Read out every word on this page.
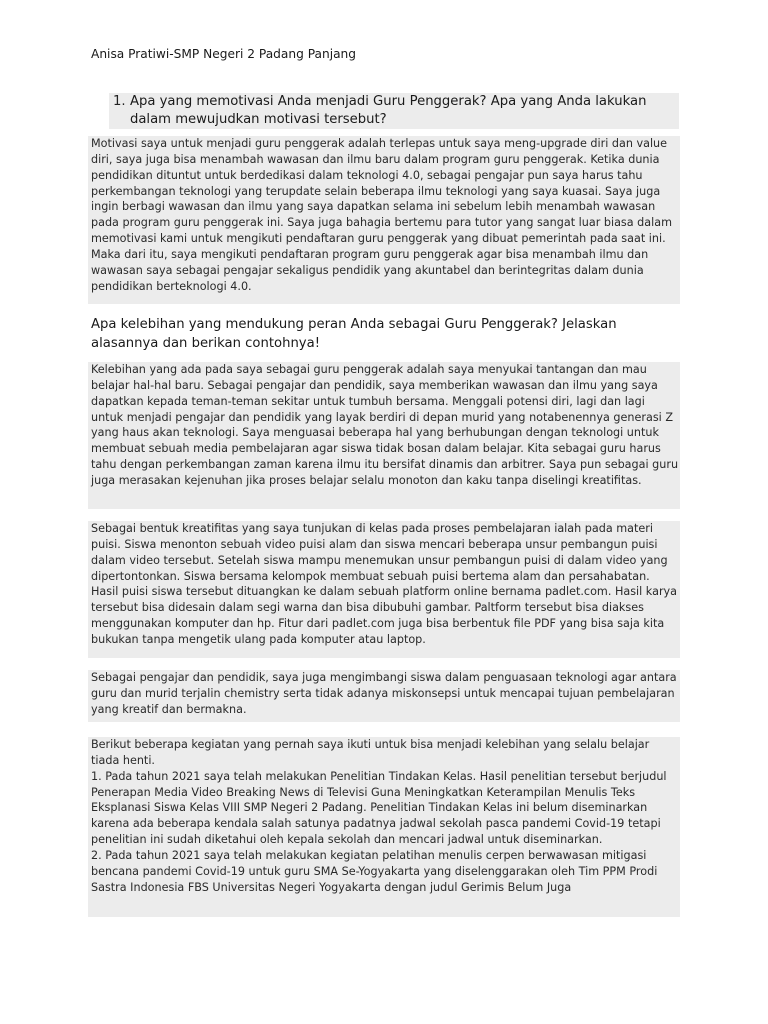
Anisa Pratiwi-SMP Negeri 2 Padang Panjang
1. Apa yang memotivasi Anda menjadi Guru Penggerak? Apa yang Anda lakukan dalam mewujudkan motivasi tersebut?

Motivasi saya untuk menjadi guru penggerak adalah terlepas untuk saya meng-upgrade diri dan value diri, saya juga bisa menambah wawasan dan ilmu baru dalam program guru penggerak. Ketika dunia pendidikan dituntut untuk berdedikasi dalam teknologi 4.0, sebagai pengajar pun saya harus tahu perkembangan teknologi yang terupdate selain beberapa ilmu teknologi yang saya kuasai. Saya juga ingin berbagi wawasan dan ilmu yang saya dapatkan selama ini sebelum lebih menambah wawasan pada program guru penggerak ini. Saya juga bahagia bertemu para tutor yang sangat luar biasa dalam memotivasi kami untuk mengikuti pendaftaran guru penggerak yang dibuat pemerintah pada saat ini. Maka dari itu, saya mengikuti pendaftaran program guru penggerak agar bisa menambah ilmu dan wawasan saya sebagai pengajar sekaligus pendidik yang akuntabel dan berintegritas dalam dunia pendidikan berteknologi 4.0.

Apa kelebihan yang mendukung peran Anda sebagai Guru Penggerak? Jelaskan alasannya dan berikan contohnya!

Kelebihan yang ada pada saya sebagai guru penggerak adalah saya menyukai tantangan dan mau belajar hal-hal baru. Sebagai pengajar dan pendidik, saya memberikan wawasan dan ilmu yang saya dapatkan kepada teman-teman sekitar untuk tumbuh bersama. Menggali potensi diri, lagi dan lagi untuk menjadi pengajar dan pendidik yang layak berdiri di depan murid yang notabenennya generasi Z yang haus akan teknologi. Saya menguasai beberapa hal yang berhubungan dengan teknologi untuk membuat sebuah media pembelajaran agar siswa tidak bosan dalam belajar. Kita sebagai guru harus tahu dengan perkembangan zaman karena ilmu itu bersifat dinamis dan arbitrer. Saya pun sebagai guru juga merasakan kejenuhan jika proses belajar selalu monoton dan kaku tanpa diselingi kreatifitas.

Sebagai bentuk kreatifitas yang saya tunjukan di kelas pada proses pembelajaran ialah pada materi puisi. Siswa menonton sebuah video puisi alam dan siswa mencari beberapa unsur pembangun puisi dalam video tersebut. Setelah siswa mampu menemukan unsur pembangun puisi di dalam video yang dipertontonkan. Siswa bersama kelompok membuat sebuah puisi bertema alam dan persahabatan. Hasil puisi siswa tersebut dituangkan ke dalam sebuah platform online bernama padlet.com. Hasil karya tersebut bisa didesain dalam segi warna dan bisa dibubuhi gambar. Paltform tersebut bisa diakses menggunakan komputer dan hp. Fitur dari padlet.com juga bisa berbentuk file PDF yang bisa saja kita bukukan tanpa mengetik ulang pada komputer atau laptop.

Sebagai pengajar dan pendidik, saya juga mengimbangi siswa dalam penguasaan teknologi agar antara guru dan murid terjalin chemistry serta tidak adanya miskonsepsi untuk mencapai tujuan pembelajaran yang kreatif dan bermakna.

Berikut beberapa kegiatan yang pernah saya ikuti untuk bisa menjadi kelebihan yang selalu belajar tiada henti.

1. Pada tahun 2021 saya telah melakukan Penelitian Tindakan Kelas. Hasil penelitian tersebut berjudul Penerapan Media Video Breaking News di Televisi Guna Meningkatkan Keterampilan Menulis Teks Eksplanasi Siswa Kelas VIII SMP Negeri 2 Padang. Penelitian Tindakan Kelas ini belum diseminarkan karena ada beberapa kendala salah satunya padatnya jadwal sekolah pasca pandemi Covid-19 tetapi penelitian ini sudah diketahui oleh kepala sekolah dan mencari jadwal untuk diseminarkan.

2. Pada tahun 2021 saya telah melakukan kegiatan pelatihan menulis cerpen berwawasan mitigasi bencana pandemi Covid-19 untuk guru SMA Se-Yogyakarta yang diselenggarakan oleh Tim PPM Prodi Sastra Indonesia FBS Universitas Negeri Yogyakarta dengan judul Gerimis Belum Juga
